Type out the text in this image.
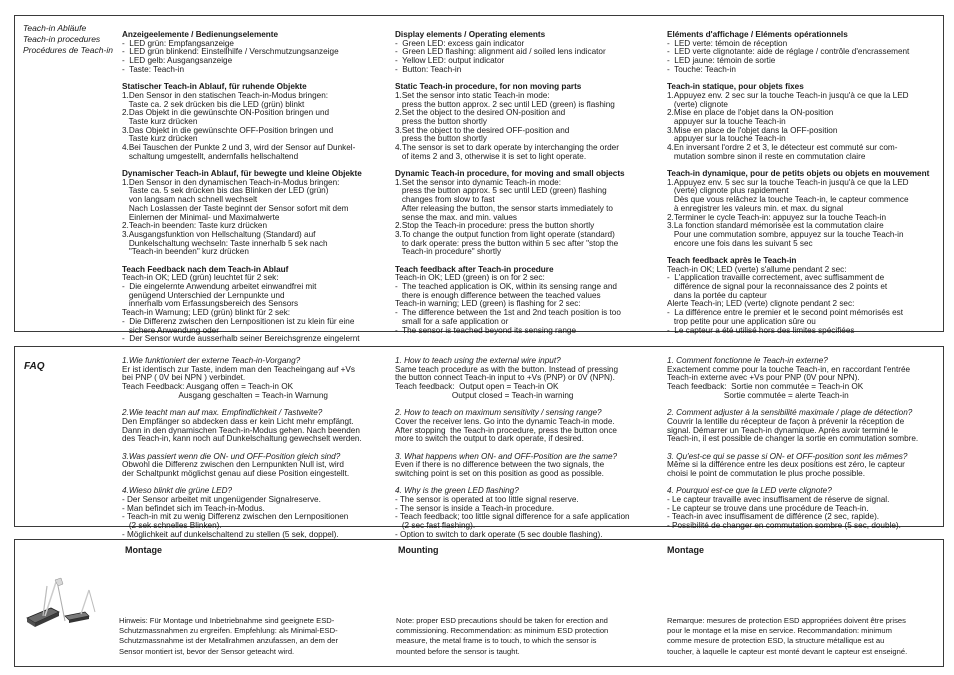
Teach-in Abläufe
Teach-in procedures
Procédures de Teach-in
Anzeigeelemente / Bedienungselemente
-  LED grün: Empfangsanzeige
-  LED grün blinkend: Einstellhilfe / Verschmutzungsanzeige
-  LED gelb: Ausgangsanzeige
-  Taste: Teach-in
Statischer Teach-in Ablauf, für ruhende Objekte
1.Den Sensor in den statischen Teach-in-Modus bringen:
Taste ca. 2 sek drücken bis die LED (grün) blinkt
2.Das Objekt in die gewünschte ON-Position bringen und
Taste kurz drücken
3.Das Objekt in die gewünschte OFF-Position bringen und
Taste kurz drücken
4.Bei Tauschen der Punkte 2 und 3, wird der Sensor auf Dunkel-
schaltung umgestellt, andernfalls hellschaltend
Dynamischer Teach-in Ablauf, für bewegte und kleine Objekte
1.Den Sensor in den dynamischen Teach-in-Modus bringen:
Taste ca. 5 sek drücken bis das Blinken der LED (grün)
von langsam nach schnell wechselt
Nach Loslassen der Taste beginnt der Sensor sofort mit dem
Einlernen der Minimal- und Maximalwerte
2.Teach-in beenden: Taste kurz drücken
3.Ausgangsfunktion von Hellschaltung (Standard) auf
Dunkelschaltung wechseln: Taste innerhalb 5 sek nach
"Teach-in beenden" kurz drücken
Teach Feedback nach dem Teach-in Ablauf
Teach-in OK; LED (grün) leuchtet für 2 sek:
-  Die eingelernte Anwendung arbeitet einwandfrei mit
genügend Unterschied der Lernpunkte und
innerhalb vom Erfassungsbereich des Sensors
Teach-in Warnung; LED (grün) blinkt für 2 sek:
-  Die Differenz zwischen den Lernpositionen ist zu klein für eine
sichere Anwendung oder
-  Der Sensor wurde ausserhalb seiner Bereichsgrenze eingelernt
Display elements / Operating elements
-  Green LED: excess gain indicator
-  Green LED flashing: alignment aid / soiled lens indicator
-  Yellow LED: output indicator
-  Button: Teach-in
Static Teach-in procedure, for non moving parts
1.Set the sensor into static Teach-in mode:
press the button approx. 2 sec until LED (green) is flashing
2.Set the object to the desired ON-position and
press the button shortly
3.Set the object to the desired OFF-position and
press the button shortly
4.The sensor is set to dark operate by interchanging the order
of items 2 and 3, otherwise it is set to light operate.
Dynamic Teach-in procedure, for moving and small objects
1.Set the sensor into dynamic Teach-in mode:
press the button approx. 5 sec until LED (green) flashing
changes from slow to fast
After releasing the button, the sensor starts immediately to
sense the max. and min. values
2.Stop the Teach-in procedure: press the button shortly
3.To change the output function from light operate (standard)
to dark operate: press the button within 5 sec after "stop the
Teach-in procedure" shortly
Teach feedback after Teach-in procedure
Teach-in OK; LED (green) is on for 2 sec:
-  The teached application is OK, within its sensing range and
there is enough difference between the teached values
Teach-in warning; LED (green) is flashing for 2 sec:
-  The difference between the 1st and 2nd teach position is too
small for a safe application or
-  The sensor is teached beyond its sensing range
Eléments d'affichage / Eléments opérationnels
-  LED verte: témoin de réception
-  LED verte clignotante: aide de réglage / contrôle d'encrassement
-  LED jaune: témoin de sortie
-  Touche: Teach-in
Teach-in statique, pour objets fixes
1.Appuyez env. 2 sec sur la touche Teach-in jusqu'à ce que la LED
(verte) clignote
2.Mise en place de l'objet dans la ON-position
appuyer sur la touche Teach-in
3.Mise en place de l'objet dans la OFF-position
appuyer sur la touche Teach-in
4.En inversant l'ordre 2 et 3, le détecteur est commuté sur com-
mutation sombre sinon il reste en commutation claire
Teach-in dynamique, pour de petits objets ou objets en mouvement
1.Appuyez env. 5 sec sur la touche Teach-in jusqu'à ce que la LED
(verte) clignote plus rapidement
Dès que vous relâchez la touche Teach-in, le capteur commence
à enregistrer les valeurs min. et max. du signal
2.Terminer le cycle Teach-in: appuyez sur la touche Teach-in
3.La fonction standard mémorisée est la commutation claire
Pour une commutation sombre, appuyez sur la touche Teach-in
encore une fois dans les suivant 5 sec
Teach feedback après le Teach-in
Teach-in OK; LED (verte) s'allume pendant 2 sec:
-  L'application travaille correctement, avec suffisamment de
différence de signal pour la reconnaissance des 2 points et
dans la portée du capteur
Alerte Teach-in; LED (verte) clignote pendant 2 sec:
-  La différence entre le premier et le second point mémorisés est
trop petite pour une application sûre ou
-  Le capteur a été utilisé hors des limites spécifiées
FAQ
1.Wie funktioniert der externe Teach-in-Vorgang?
Er ist identisch zur Taste, indem man den Teacheingang auf +Vs
bei PNP ( 0V bei NPN ) verbindet.
Teach Feedback: Ausgang offen = Teach-in OK
Ausgang geschalten = Teach-in Warnung
2.Wie teacht man auf max. Empfindlichkeit / Tastweite?
Den Empfänger so abdecken dass er kein Licht mehr empfängt.
Dann in den dynamischen Teach-in-Modus gehen. Nach beenden
des Teach-in, kann noch auf Dunkelschaltung gewechselt werden.
3.Was passiert wenn die ON- und OFF-Position gleich sind?
Obwohl die Differenz zwischen den Lernpunkten Null ist, wird
der Schaltpunkt möglichst genau auf diese Position eingestellt.
4.Wieso blinkt die grüne LED?
- Der Sensor arbeitet mit ungenügender Signalreserve.
- Man befindet sich im Teach-in-Modus.
- Teach-in mit zu wenig Differenz zwischen den Lernpositionen
(2 sek schnelles Blinken).
- Möglichkeit auf dunkelschaltend zu stellen (5 sek, doppel).
1. How to teach using the external wire input?
Same teach procedure as with the button. Instead of pressing
the button connect Teach-in input to +Vs (PNP) or 0V (NPN).
Teach feedback:  Output open = Teach-in OK
Output closed = Teach-in warning
2. How to teach on maximum sensitivity / sensing range?
Cover the receiver lens. Go into the dynamic Teach-in mode.
After stopping  the Teach-in procedure, press the button once
more to switch the output to dark operate, if desired.
3. What happens when ON- and OFF-Position are the same?
Even if there is no difference between the two signals, the
switching point is set on this position as good as possible.
4. Why is the green LED flashing?
- The sensor is operated at too little signal reserve.
- The sensor is inside a Teach-in procedure.
- Teach feedback; too little signal difference for a safe application
(2 sec fast flashing).
- Option to switch to dark operate (5 sec double flashing).
1. Comment fonctionne le Teach-in externe?
Exactement comme pour la touche Teach-in, en raccordant l'entrée
Teach-in externe avec +Vs pour PNP (0V pour NPN).
Teach feedback:  Sortie non commutée = Teach-in OK
Sortie commutée = alerte Teach-in
2. Comment adjuster à la sensibilité maximale / plage de détection?
Couvrir la lentille du récepteur de façon à prévenir la réception de
signal. Démarrer un Teach-in dynamique. Après avoir terminé le
Teach-in, il est possible de changer la sortie en commutation sombre.
3. Qu'est-ce qui se passe si ON- et OFF-position sont les mêmes?
Même si la différence entre les deux positions est zéro, le capteur
choisi le point de commutation le plus proche possible.
4. Pourquoi est-ce que la LED verte clignote?
- Le capteur travaille avec insuffisament de réserve de signal.
- Le capteur se trouve dans une procédure de Teach-in.
- Teach-in avec insuffisament de différence (2 sec, rapide).
- Possibilité de changer en commutation sombre (5 sec, double).
Montage	Mounting	Montage
Hinweis: Für Montage und Inbetriebnahme sind geeignete ESD-
Schutzmassnahmen zu ergreifen. Empfehlung: als Minimal-ESD-
Schutzmassnahme ist der Metallrahmen anzufassen, an dem der
Sensor montiert ist, bevor der Sensor geteacht wird.
Note: proper ESD precautions should be taken for erection and
commissioning. Recommendation: as minimum ESD protection
measure, the metal frame is to touch, to which the sensor is
mounted before the sensor is taught.
Remarque: mesures de protection ESD appropriées doivent être prises
pour le montage et la mise en service. Recommandation: minimum
comme mesure de protection ESD, la structure métallique est au
toucher, à laquelle le capteur est monté devant le capteur est enseigné.
